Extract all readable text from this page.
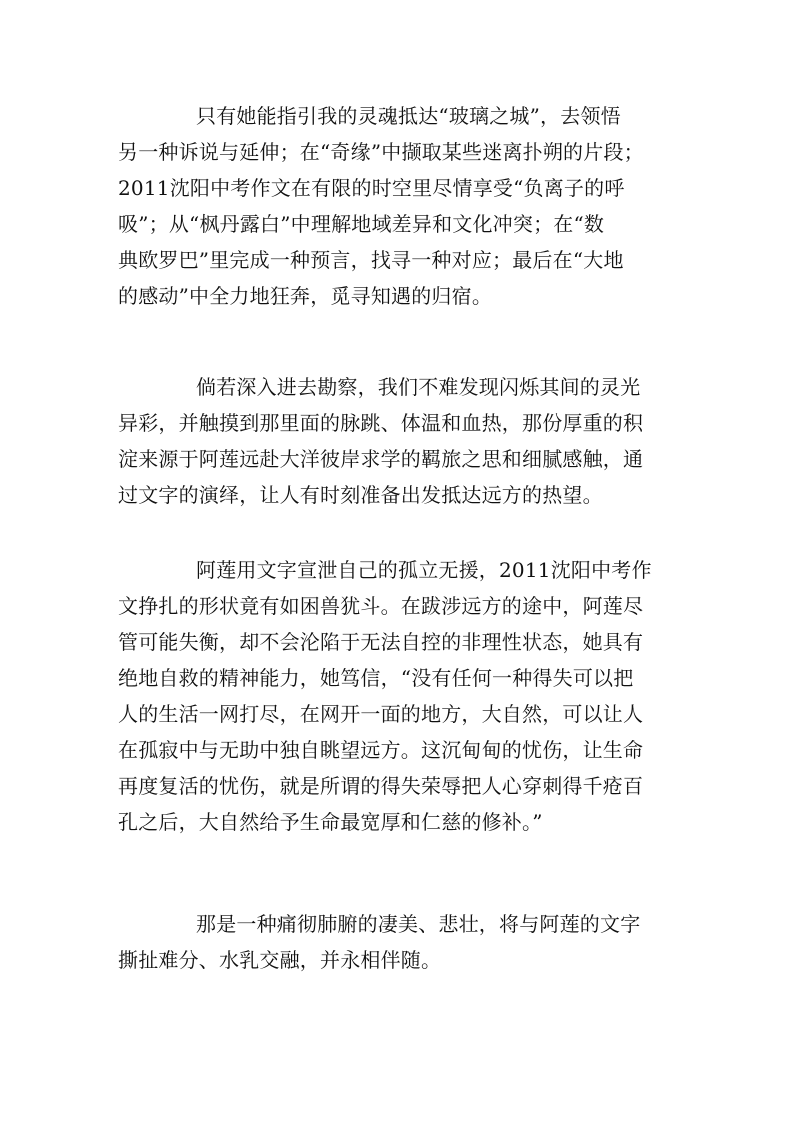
只有她能指引我的灵魂抵达“玻璃之城”，去领悟
另一种诉说与延伸；在“奇缘”中撷取某些迷离扑朔的片段；
2011沈阳中考作文在有限的时空里尽情享受“负离子的呼
吸”；从“枫丹露白”中理解地域差异和文化冲突；在“数
典欧罗巴”里完成一种预言，找寻一种对应；最后在“大地
的感动”中全力地狂奔，觅寻知遇的归宿。
倘若深入进去勘察，我们不难发现闪烁其间的灵光
异彩，并触摸到那里面的脉跳、体温和血热，那份厚重的积
淀来源于阿莲远赴大洋彼岸求学的羁旅之思和细腻感触，通
过文字的演绎，让人有时刻准备出发抵达远方的热望。
阿莲用文字宣泄自己的孤立无援，2011沈阳中考作
文挣扎的形状竟有如困兽犹斗。在跋涉远方的途中，阿莲尽
管可能失衡，却不会沦陷于无法自控的非理性状态，她具有
绝地自救的精神能力，她笃信，“没有任何一种得失可以把
人的生活一网打尽，在网开一面的地方，大自然，可以让人
在孤寂中与无助中独自眺望远方。这沉甸甸的忧伤，让生命
再度复活的忧伤，就是所谓的得失荣辱把人心穿刺得千疮百
孔之后，大自然给予生命最宽厚和仁慈的修补。”
那是一种痛彻肺腑的凄美、悲壮，将与阿莲的文字
撕扯难分、水乳交融，并永相伴随。
